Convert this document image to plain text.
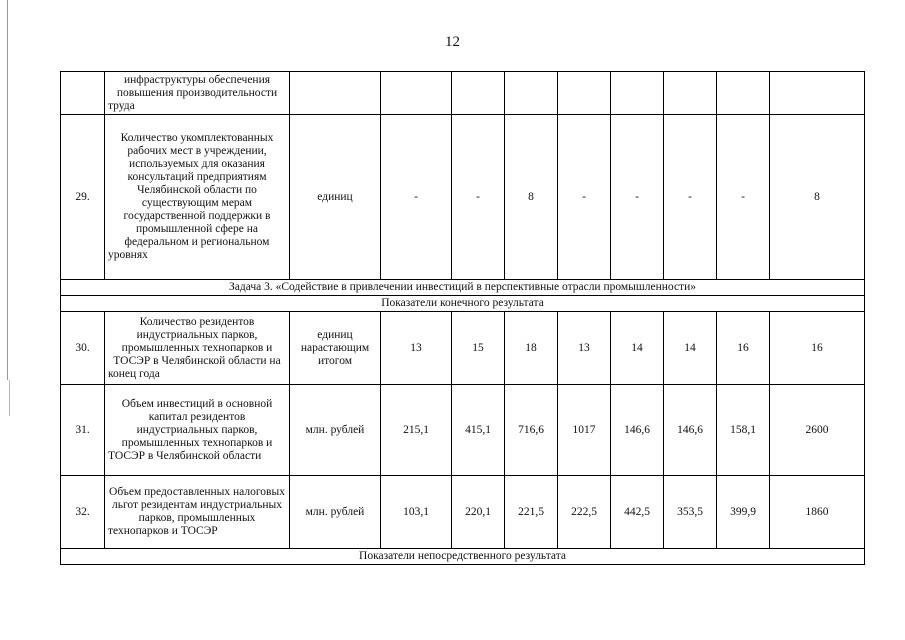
12
	инфраструктуры обеспечения повышения производительности труда									
29.	Количество укомплектованных рабочих мест в учреждении, используемых для оказания консультаций предприятиям Челябинской области по существующим мерам государственной поддержки в промышленной сфере на федеральном и региональном уровнях	единиц	-	-	8	-	-	-	-	8
Задача 3. «Содействие в привлечении инвестиций в перспективные отрасли промышленности»										
Показатели конечного результата										
30.	Количество резидентов индустриальных парков, промышленных технопарков и ТОСЭР в Челябинской области на конец года	единиц нарастающим итогом	13	15	18	13	14	14	16	16
31.	Объем инвестиций в основной капитал резидентов индустриальных парков, промышленных технопарков и ТОСЭР в Челябинской области	млн. рублей	215,1	415,1	716,6	1017	146,6	146,6	158,1	2600
32.	Объем предоставленных налоговых льгот резидентам индустриальных парков, промышленных технопарков и ТОСЭР	млн. рублей	103,1	220,1	221,5	222,5	442,5	353,5	399,9	1860
Показатели непосредственного результата										
